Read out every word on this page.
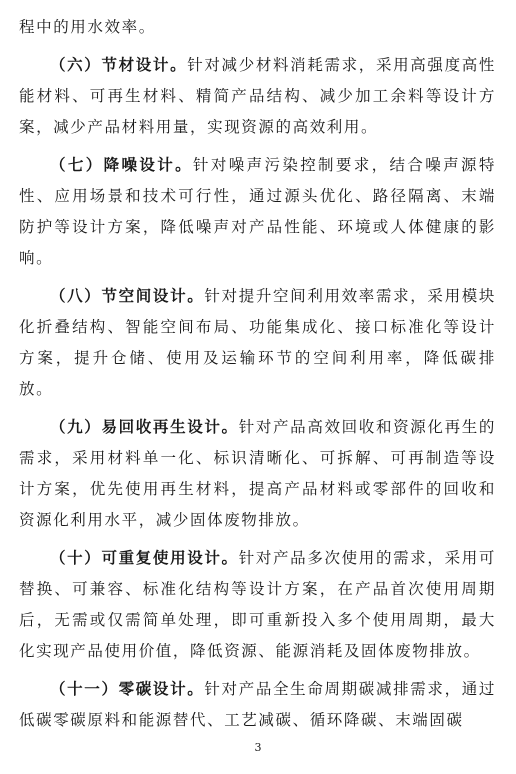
程中的用水效率。

（六）节材设计。针对减少材料消耗需求，采用高强度高性能材料、可再生材料、精简产品结构、减少加工余料等设计方案，减少产品材料用量，实现资源的高效利用。

（七）降噪设计。针对噪声污染控制要求，结合噪声源特性、应用场景和技术可行性，通过源头优化、路径隔离、末端防护等设计方案，降低噪声对产品性能、环境或人体健康的影响。

（八）节空间设计。针对提升空间利用效率需求，采用模块化折叠结构、智能空间布局、功能集成化、接口标准化等设计方案，提升仓储、使用及运输环节的空间利用率，降低碳排放。

（九）易回收再生设计。针对产品高效回收和资源化再生的需求，采用材料单一化、标识清晰化、可拆解、可再制造等设计方案，优先使用再生材料，提高产品材料或零部件的回收和资源化利用水平，减少固体废物排放。

（十）可重复使用设计。针对产品多次使用的需求，采用可替换、可兼容、标准化结构等设计方案，在产品首次使用周期后，无需或仅需简单处理，即可重新投入多个使用周期，最大化实现产品使用价值，降低资源、能源消耗及固体废物排放。

（十一）零碳设计。针对产品全生命周期碳减排需求，通过低碳零碳原料和能源替代、工艺减碳、循环降碳、末端固碳

3
